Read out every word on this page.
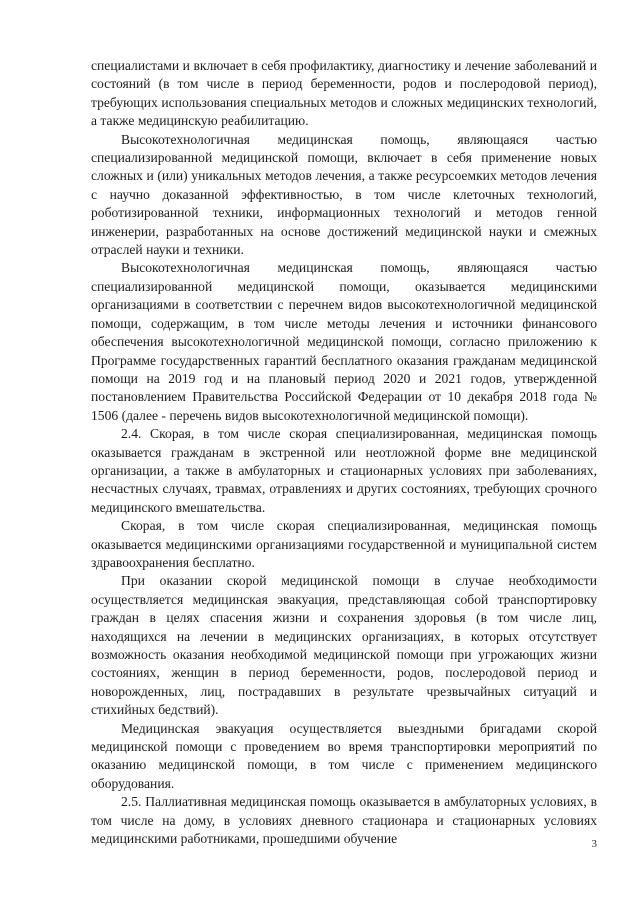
специалистами и включает в себя профилактику, диагностику и лечение заболеваний и состояний (в том числе в период беременности, родов и послеродовой период), требующих использования специальных методов и сложных медицинских технологий, а также медицинскую реабилитацию.

Высокотехнологичная медицинская помощь, являющаяся частью специализированной медицинской помощи, включает в себя применение новых сложных и (или) уникальных методов лечения, а также ресурсоемких методов лечения с научно доказанной эффективностью, в том числе клеточных технологий, роботизированной техники, информационных технологий и методов генной инженерии, разработанных на основе достижений медицинской науки и смежных отраслей науки и техники.

Высокотехнологичная медицинская помощь, являющаяся частью специализированной медицинской помощи, оказывается медицинскими организациями в соответствии с перечнем видов высокотехнологичной медицинской помощи, содержащим, в том числе методы лечения и источники финансового обеспечения высокотехнологичной медицинской помощи, согласно приложению к Программе государственных гарантий бесплатного оказания гражданам медицинской помощи на 2019 год и на плановый период 2020 и 2021 годов, утвержденной постановлением Правительства Российской Федерации от 10 декабря 2018 года № 1506 (далее - перечень видов высокотехнологичной медицинской помощи).

2.4. Скорая, в том числе скорая специализированная, медицинская помощь оказывается гражданам в экстренной или неотложной форме вне медицинской организации, а также в амбулаторных и стационарных условиях при заболеваниях, несчастных случаях, травмах, отравлениях и других состояниях, требующих срочного медицинского вмешательства.

Скорая, в том числе скорая специализированная, медицинская помощь оказывается медицинскими организациями государственной и муниципальной систем здравоохранения бесплатно.

При оказании скорой медицинской помощи в случае необходимости осуществляется медицинская эвакуация, представляющая собой транспортировку граждан в целях спасения жизни и сохранения здоровья (в том числе лиц, находящихся на лечении в медицинских организациях, в которых отсутствует возможность оказания необходимой медицинской помощи при угрожающих жизни состояниях, женщин в период беременности, родов, послеродовой период и новорожденных, лиц, пострадавших в результате чрезвычайных ситуаций и стихийных бедствий).

Медицинская эвакуация осуществляется выездными бригадами скорой медицинской помощи с проведением во время транспортировки мероприятий по оказанию медицинской помощи, в том числе с применением медицинского оборудования.

2.5. Паллиативная медицинская помощь оказывается в амбулаторных условиях, в том числе на дому, в условиях дневного стационара и стационарных условиях медицинскими работниками, прошедшими обучение	3
